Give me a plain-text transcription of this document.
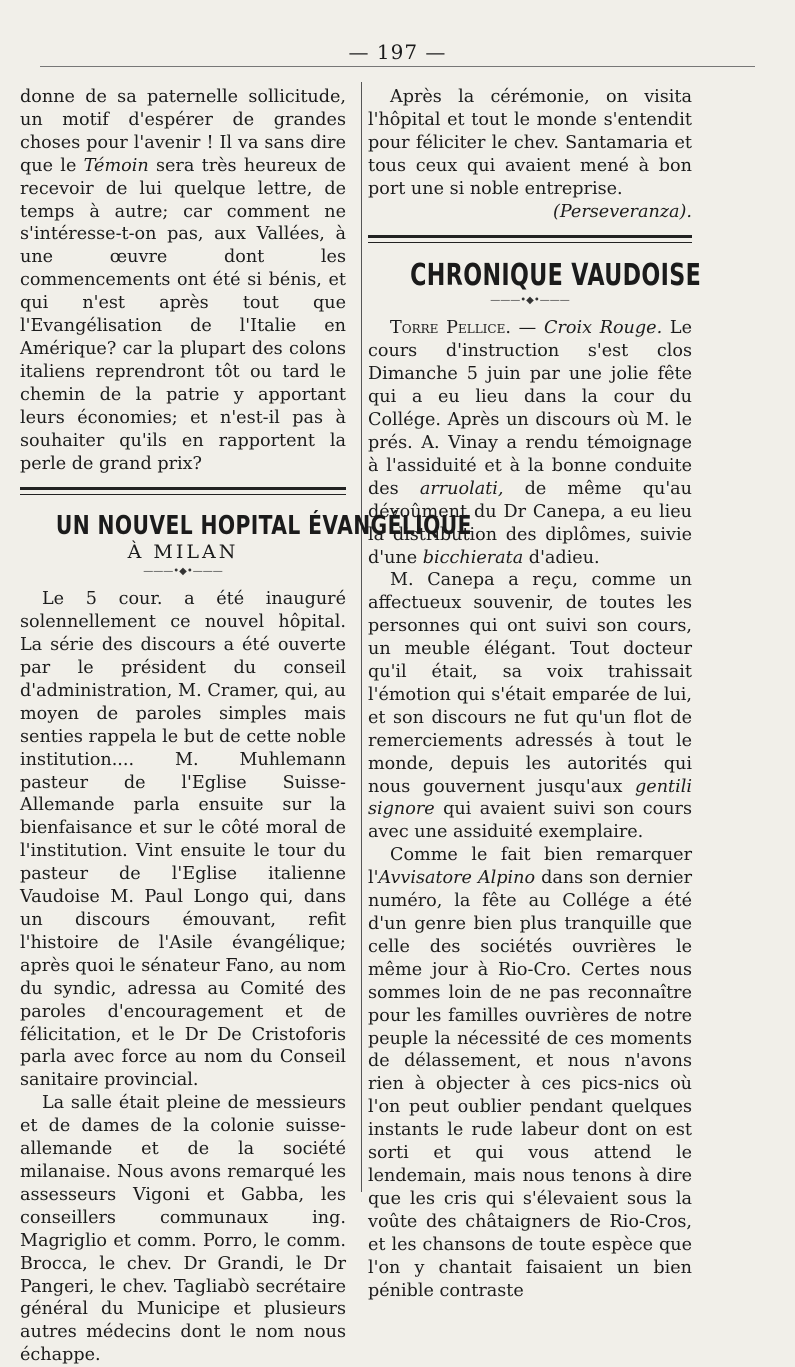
— 197 —

donne de sa paternelle sollicitude, un motif d'espérer de grandes choses pour l'avenir ! Il va sans dire que le Témoin sera très heureux de recevoir de lui quelque lettre, de temps à autre; car comment ne s'intéresse-t-on pas, aux Vallées, à une œuvre dont les commencements ont été si bénis, et qui n'est après tout que l'Evangélisation de l'Italie en Amérique? car la plupart des colons italiens reprendront tôt ou tard le chemin de la patrie y apportant leurs économies; et n'est-il pas à souhaiter qu'ils en rapportent la perle de grand prix?

UN NOUVEL HOPITAL ÉVANGÉLIQUE

À MILAN

———•◆•———

Le 5 cour. a été inauguré solennellement ce nouvel hôpital. La série des discours a été ouverte par le président du conseil d'administration, M. Cramer, qui, au moyen de paroles simples mais senties rappela le but de cette noble institution.... M. Muhlemann pasteur de l'Eglise Suisse-Allemande parla ensuite sur la bienfaisance et sur le côté moral de l'institution. Vint ensuite le tour du pasteur de l'Eglise italienne Vaudoise M. Paul Longo qui, dans un discours émouvant, refit l'histoire de l'Asile évangélique; après quoi le sénateur Fano, au nom du syndic, adressa au Comité des paroles d'encouragement et de félicitation, et le Dr De Cristoforis parla avec force au nom du Conseil sanitaire provincial.

La salle était pleine de messieurs et de dames de la colonie suisse-allemande et de la société milanaise. Nous avons remarqué les assesseurs Vigoni et Gabba, les conseillers communaux ing. Magriglio et comm. Porro, le comm. Brocca, le chev. Dr Grandi, le Dr Pangeri, le chev. Tagliabò secrétaire général du Municipe et plusieurs autres médecins dont le nom nous échappe.

Après la cérémonie, on visita l'hôpital et tout le monde s'entendit pour féliciter le chev. Santamaria et tous ceux qui avaient mené à bon port une si noble entreprise.

(Perseveranza).

CHRONIQUE VAUDOISE

———•◆•———

Torre Pellice. — Croix Rouge. Le cours d'instruction s'est clos Dimanche 5 juin par une jolie fête qui a eu lieu dans la cour du Collége. Après un discours où M. le prés. A. Vinay a rendu témoignage à l'assiduité et à la bonne conduite des arruolati, de même qu'au dévoûment du Dr Canepa, a eu lieu la distribution des diplômes, suivie d'une bicchierata d'adieu.

M. Canepa a reçu, comme un affectueux souvenir, de toutes les personnes qui ont suivi son cours, un meuble élégant. Tout docteur qu'il était, sa voix trahissait l'émotion qui s'était emparée de lui, et son discours ne fut qu'un flot de remerciements adressés à tout le monde, depuis les autorités qui nous gouvernent jusqu'aux gentili signore qui avaient suivi son cours avec une assiduité exemplaire.

Comme le fait bien remarquer l'Avvisatore Alpino dans son dernier numéro, la fête au Collége a été d'un genre bien plus tranquille que celle des sociétés ouvrières le même jour à Rio-Cro. Certes nous sommes loin de ne pas reconnaître pour les familles ouvrières de notre peuple la nécessité de ces moments de délassement, et nous n'avons rien à objecter à ces pics-nics où l'on peut oublier pendant quelques instants le rude labeur dont on est sorti et qui vous attend le lendemain, mais nous tenons à dire que les cris qui s'élevaient sous la voûte des châtaigners de Rio-Cros, et les chansons de toute espèce que l'on y chantait faisaient un bien pénible contraste
